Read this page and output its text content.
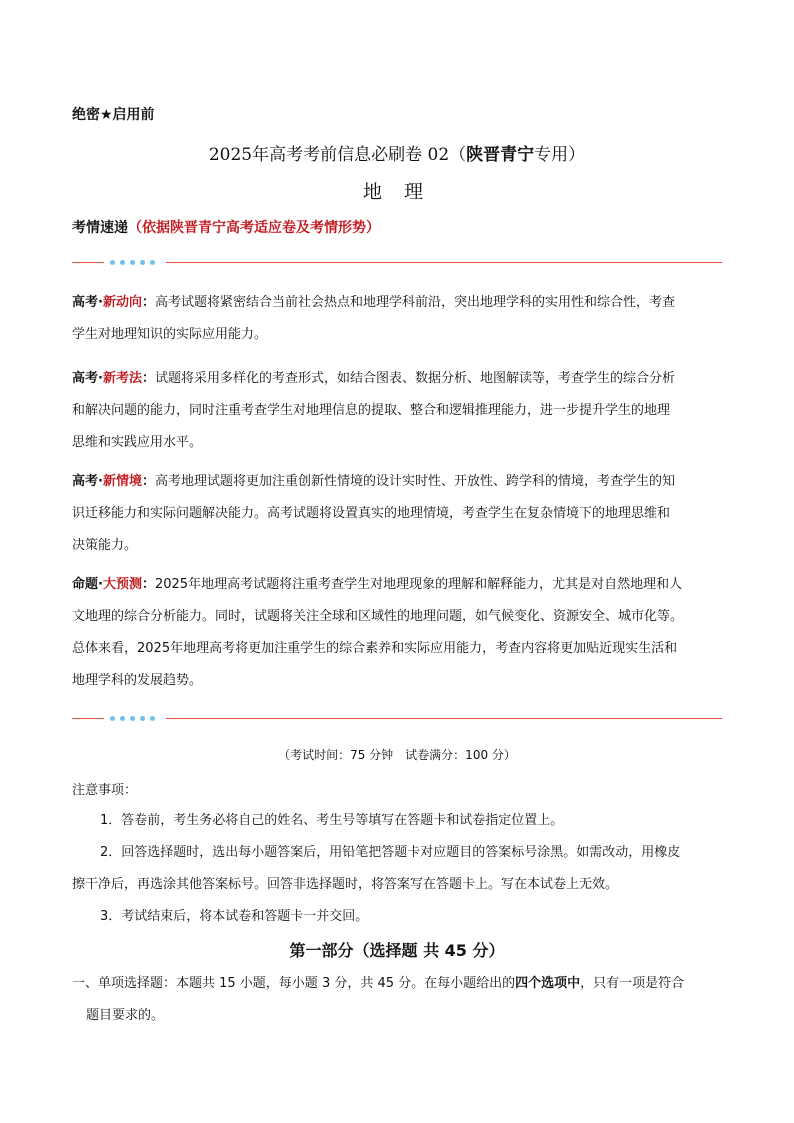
绝密★启用前
2025年高考考前信息必刷卷 02（陕晋青宁专用）
地 理
考情速递（依据陕晋青宁高考适应卷及考情形势）
高考·新动向：高考试题将紧密结合当前社会热点和地理学科前沿，突出地理学科的实用性和综合性，考查
学生对地理知识的实际应用能力。
高考·新考法：试题将采用多样化的考查形式，如结合图表、数据分析、地图解读等，考查学生的综合分析
和解决问题的能力，同时注重考查学生对地理信息的提取、整合和逻辑推理能力，进一步提升学生的地理
思维和实践应用水平。
高考·新情境：高考地理试题将更加注重创新性情境的设计实时性、开放性、跨学科的情境，考查学生的知
识迁移能力和实际问题解决能力。高考试题将设置真实的地理情境，考查学生在复杂情境下的地理思维和
决策能力。
命题·大预测：2025年地理高考试题将注重考查学生对地理现象的理解和解释能力，尤其是对自然地理和人
文地理的综合分析能力。同时，试题将关注全球和区域性的地理问题，如气候变化、资源安全、城市化等。
总体来看，2025年地理高考将更加注重学生的综合素养和实际应用能力，考查内容将更加贴近现实生活和
地理学科的发展趋势。
（考试时间：75 分钟　试卷满分：100 分）
注意事项：
1．答卷前，考生务必将自己的姓名、考生号等填写在答题卡和试卷指定位置上。
2．回答选择题时，选出每小题答案后，用铅笔把答题卡对应题目的答案标号涂黑。如需改动，用橡皮
擦干净后，再选涂其他答案标号。回答非选择题时，将答案写在答题卡上。写在本试卷上无效。
3．考试结束后，将本试卷和答题卡一并交回。
第一部分（选择题 共 45 分）
一、单项选择题：本题共 15 小题，每小题 3 分，共 45 分。在每小题给出的四个选项中，只有一项是符合
题目要求的。
